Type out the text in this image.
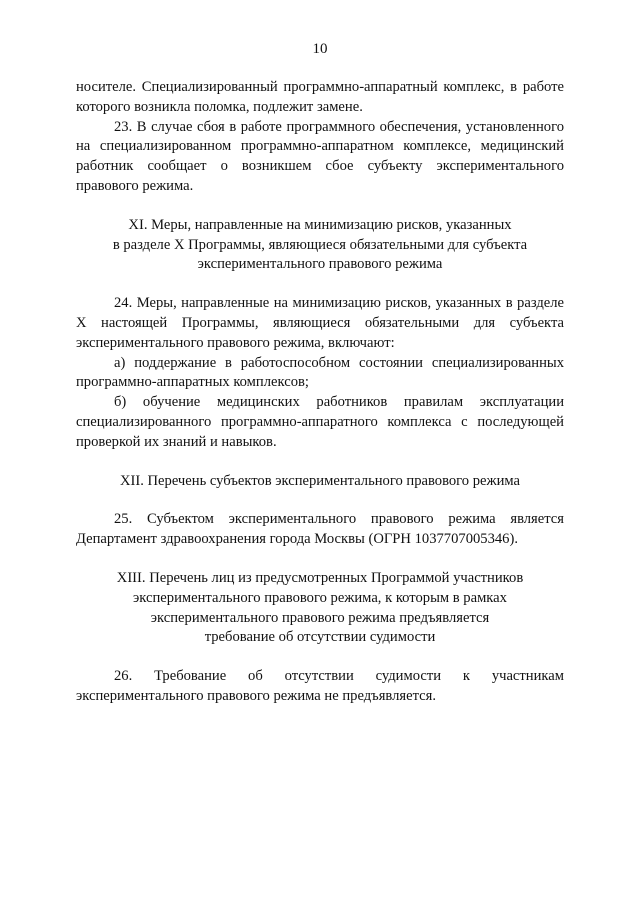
10

носителе. Специализированный программно-аппаратный комплекс, в работе которого возникла поломка, подлежит замене.

23. В случае сбоя в работе программного обеспечения, установленного на специализированном программно-аппаратном комплексе, медицинский работник сообщает о возникшем сбое субъекту экспериментального правового режима.

XI. Меры, направленные на минимизацию рисков, указанных

в разделе X Программы, являющиеся обязательными для субъекта

экспериментального правового режима

24. Меры, направленные на минимизацию рисков, указанных в разделе X настоящей Программы, являющиеся обязательными для субъекта экспериментального правового режима, включают:

а) поддержание в работоспособном состоянии специализированных программно-аппаратных комплексов;

б) обучение медицинских работников правилам эксплуатации специализированного программно-аппаратного комплекса с последующей проверкой их знаний и навыков.

XII. Перечень субъектов экспериментального правового режима

25. Субъектом экспериментального правового режима является Департамент здравоохранения города Москвы (ОГРН 1037707005346).

XIII. Перечень лиц из предусмотренных Программой участников

экспериментального правового режима, к которым в рамках

экспериментального правового режима предъявляется

требование об отсутствии судимости

26. Требование об отсутствии судимости к участникам экспериментального правового режима не предъявляется.
